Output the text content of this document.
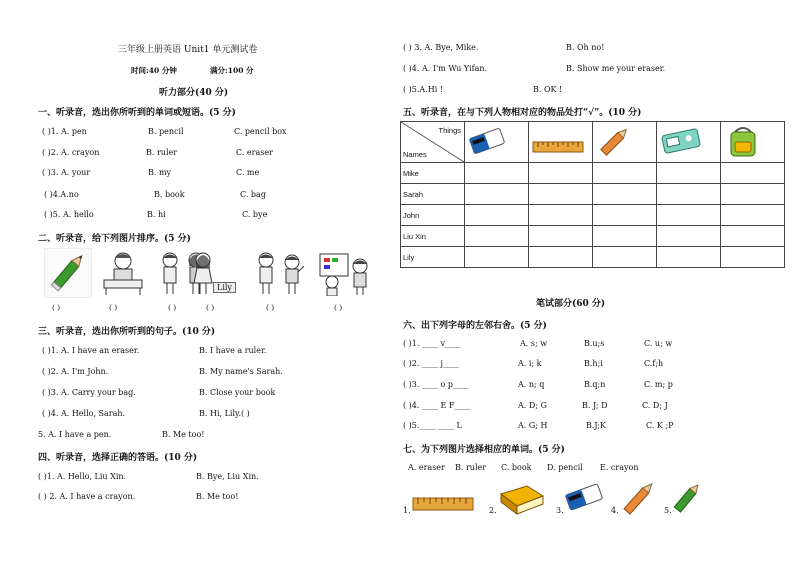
三年级上册英语 Unit1 单元测试卷
时间:40 分钟	满分:100 分
听力部分(40 分)
一、听录音，选出你所听到的单词或短语。(5 分)
( )1. A. pen	B. pencil	C. pencil box
( )2. A. crayon	B. ruler	C. eraser
( )3. A. your	B. my	C. me
( )4.A.no	B. book	C. bag
( )5. A. hello	B. hi	C. bye
二、听录音，给下列图片排序。(5 分)
Lily
( )	( )	( )	( )	( )	( )
三、听录音，选出你所听到的句子。(10 分)
( )1. A. I have an eraser.	B. I have a ruler.
( )2. A. I'm John.	B. My name's Sarah.
( )3. A. Carry your bag.	B. Close your book
( )4. A. Hello, Sarah.	B. Hi, Lily.( )
5. A. I have a pen.	B. Me too!
四、听录音，选择正确的答语。(10 分)
( )1. A. Hello, Liu Xin.	B. Bye, Liu Xin.
( ) 2. A. I have a crayon.	B. Me too!
( ) 3. A. Bye, Mike.	B. Oh no!
( )4. A. I'm Wu Yifan.	B. Show me your eraser.
( )5.A.Hi !	B. OK !
五、听录音，在与下列人物相对应的物品处打“√”。(10 分)
Things
Names

Mike					
Sarah					
John					
Liu Xin					
Lily					
笔试部分(60 分)
六、出下列字母的左邻右舍。(5 分)
( )1. ____ v____	A. s; w	B.u;s	C. u; w
( )2. ____ j____	A. i; k	B.h;i	C.f;h
( )3. ____ o p____	A. n; q	B.q;n	C. m; p
( )4. ____ E F____	A. D; G	B. J; D	C. D; J
( )5.____ ____ L	A. G; H	B.J;K	C. K ;P
七、为下列图片选择相应的单词。(5 分)
A. eraser B. ruler C. book D. pencil E. crayon
1.	2.	3.	4.	5.
